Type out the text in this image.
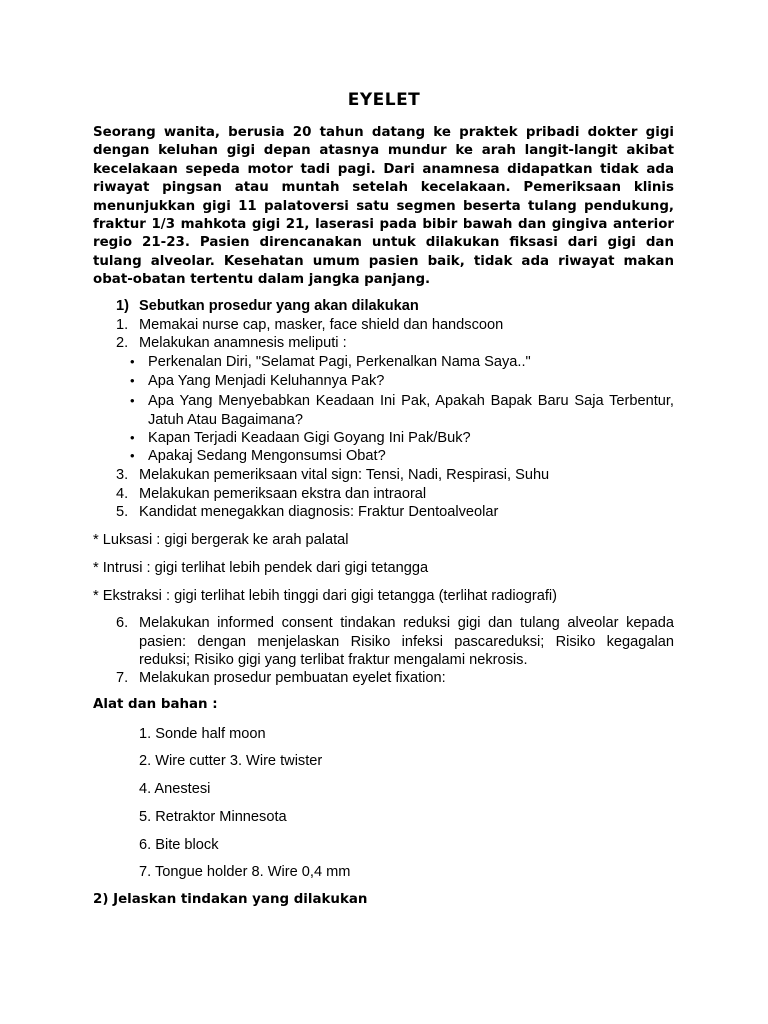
EYELET
Seorang wanita, berusia 20 tahun datang ke praktek pribadi dokter gigi dengan keluhan gigi depan atasnya mundur ke arah langit-langit akibat kecelakaan sepeda motor tadi pagi. Dari anamnesa didapatkan tidak ada riwayat pingsan atau muntah setelah kecelakaan. Pemeriksaan klinis menunjukkan gigi 11 palatoversi satu segmen beserta tulang pendukung, fraktur 1/3 mahkota gigi 21, laserasi pada bibir bawah dan gingiva anterior regio 21-23. Pasien direncanakan untuk dilakukan fiksasi dari gigi dan tulang alveolar. Kesehatan umum pasien baik, tidak ada riwayat makan obat-obatan tertentu dalam jangka panjang.
1) Sebutkan prosedur yang akan dilakukan
1. Memakai nurse cap, masker, face shield dan handscoon
2. Melakukan anamnesis meliputi :
• Perkenalan Diri, "Selamat Pagi, Perkenalkan Nama Saya.."
• Apa Yang Menjadi Keluhannya Pak?
• Apa Yang Menyebabkan Keadaan Ini Pak, Apakah Bapak Baru Saja Terbentur, Jatuh Atau Bagaimana?
• Kapan Terjadi Keadaan Gigi Goyang Ini Pak/Buk?
• Apakaj Sedang Mengonsumsi Obat?
3. Melakukan pemeriksaan vital sign: Tensi, Nadi, Respirasi, Suhu
4. Melakukan pemeriksaan ekstra dan intraoral
5. Kandidat menegakkan diagnosis: Fraktur Dentoalveolar
* Luksasi : gigi bergerak ke arah palatal
* Intrusi : gigi terlihat lebih pendek dari gigi tetangga
* Ekstraksi : gigi terlihat lebih tinggi dari gigi tetangga (terlihat radiografi)
6. Melakukan informed consent tindakan reduksi gigi dan tulang alveolar kepada pasien: dengan menjelaskan Risiko infeksi pascareduksi; Risiko kegagalan reduksi; Risiko gigi yang terlibat fraktur mengalami nekrosis.
7. Melakukan prosedur pembuatan eyelet fixation:
Alat dan bahan :
1. Sonde half moon
2. Wire cutter 3. Wire twister
4. Anestesi
5. Retraktor Minnesota
6. Bite block
7. Tongue holder 8. Wire 0,4 mm
2) Jelaskan tindakan yang dilakukan
